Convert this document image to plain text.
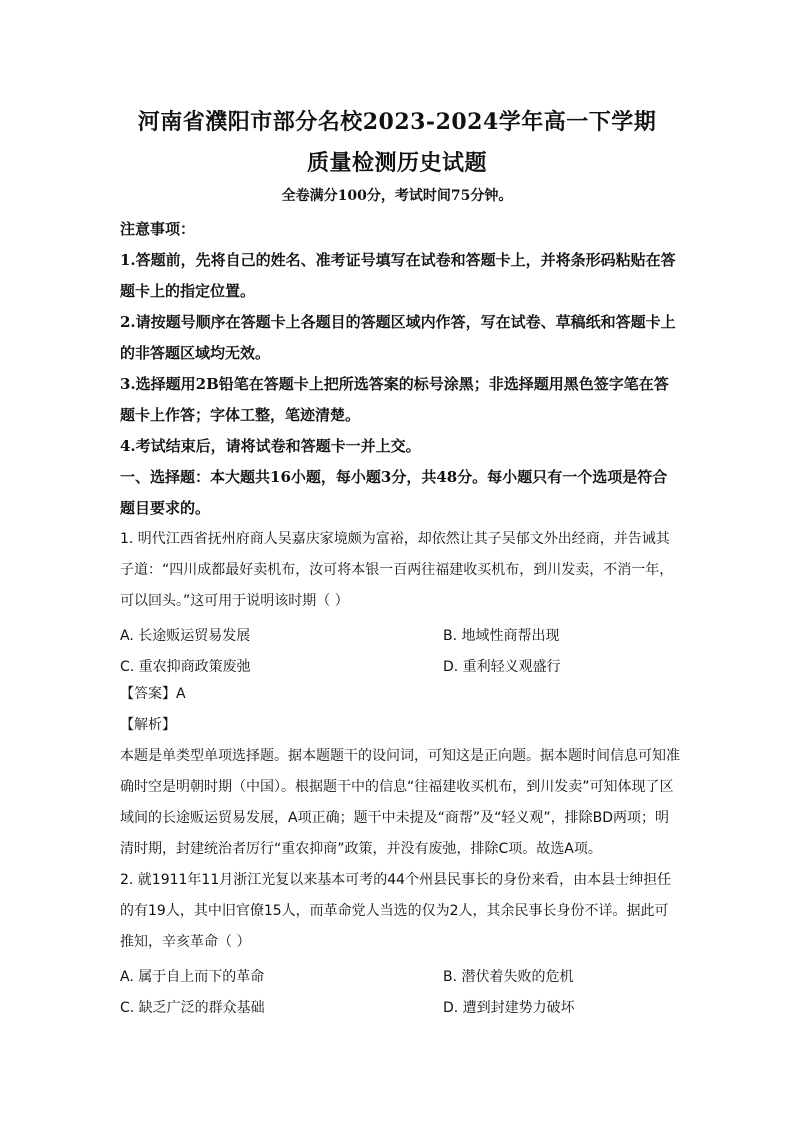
河南省濮阳市部分名校2023-2024学年高一下学期
质量检测历史试题
全卷满分100分，考试时间75分钟。
注意事项：
1.答题前，先将自己的姓名、准考证号填写在试卷和答题卡上，并将条形码粘贴在答题卡上的指定位置。
2.请按题号顺序在答题卡上各题目的答题区域内作答，写在试卷、草稿纸和答题卡上的非答题区域均无效。
3.选择题用2B铅笔在答题卡上把所选答案的标号涂黑；非选择题用黑色签字笔在答题卡上作答；字体工整，笔迹清楚。
4.考试结束后，请将试卷和答题卡一并上交。
一、选择题：本大题共16小题，每小题3分，共48分。每小题只有一个选项是符合题目要求的。
1. 明代江西省抚州府商人吴嘉庆家境颇为富裕，却依然让其子吴郁文外出经商，并告诫其子道：“四川成都最好卖机布，汝可将本银一百两往福建收买机布，到川发卖，不消一年，可以回头。”这可用于说明该时期（ ）
A. 长途贩运贸易发展	B. 地域性商帮出现
C. 重农抑商政策废弛	D. 重利轻义观盛行
【答案】A
【解析】
本题是单类型单项选择题。据本题题干的设问词，可知这是正向题。据本题时间信息可知准确时空是明朝时期（中国）。根据题干中的信息“往福建收买机布，到川发卖”可知体现了区域间的长途贩运贸易发展，A项正确；题干中未提及“商帮”及“轻义观”，排除BD两项；明清时期，封建统治者厉行“重农抑商”政策，并没有废弛，排除C项。故选A项。
2. 就1911年11月浙江光复以来基本可考的44个州县民事长的身份来看，由本县士绅担任的有19人，其中旧官僚15人，而革命党人当选的仅为2人，其余民事长身份不详。据此可推知，辛亥革命（ ）
A. 属于自上而下的革命	B. 潜伏着失败的危机
C. 缺乏广泛的群众基础	D. 遭到封建势力破坏
